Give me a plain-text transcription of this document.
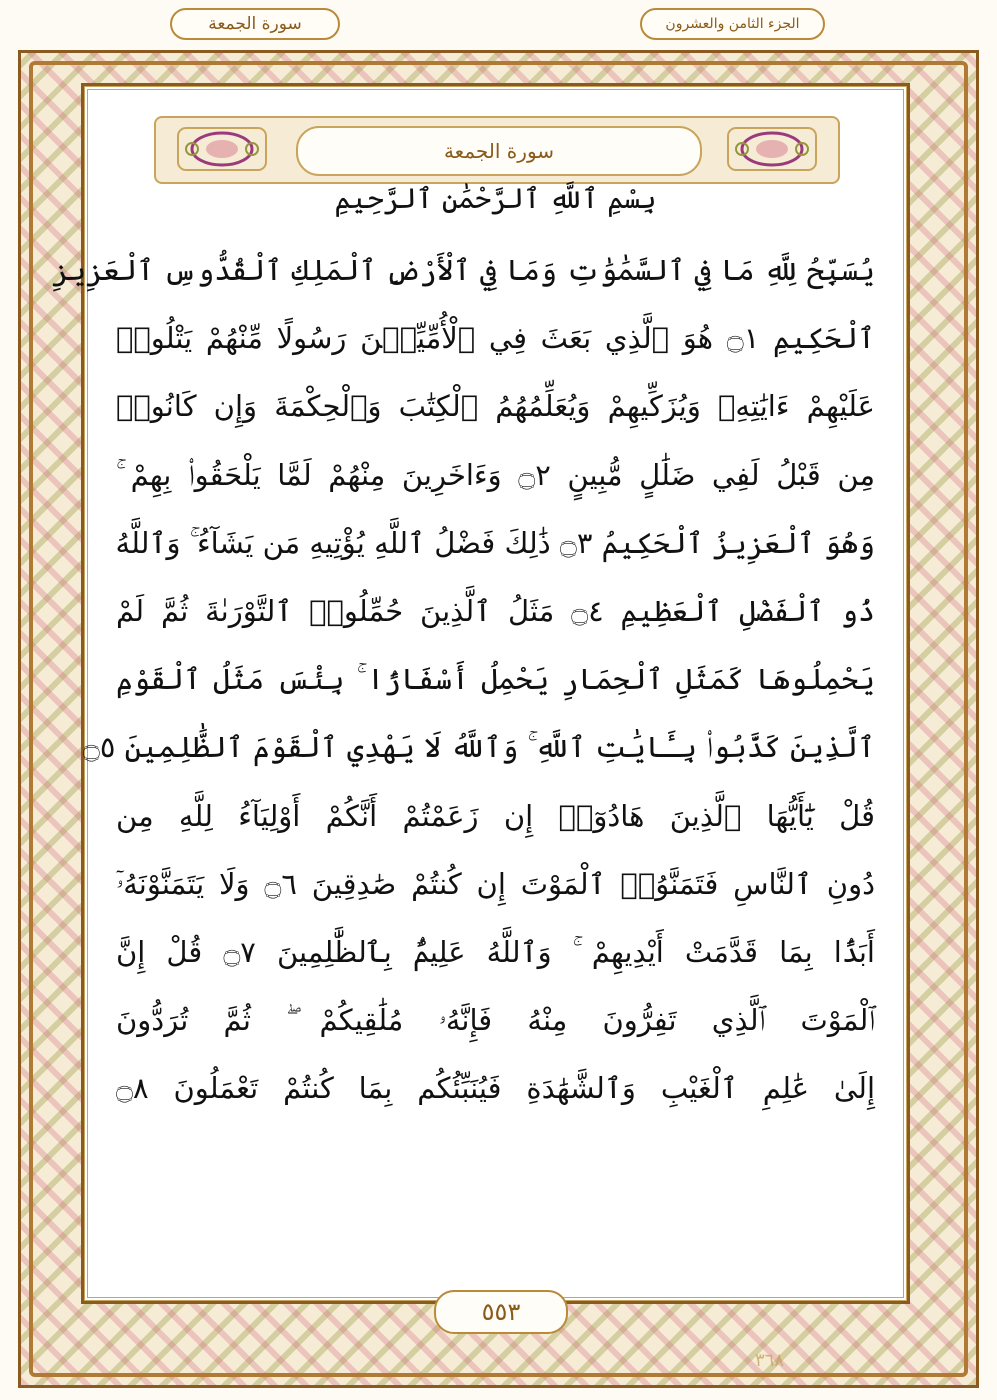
سورة الجمعة	الجزء الثامن والعشرون
سورة الجمعة
بِسْمِ ٱللَّهِ ٱلرَّحْمَٰنِ ٱلرَّحِيمِ
يُسَبِّحُ لِلَّهِ مَا فِي ٱلسَّمَٰوَٰتِ وَمَا فِي ٱلْأَرْضِ ٱلْمَلِكِ ٱلْقُدُّوسِ ٱلْعَزِيزِ
ٱلْحَكِيمِ ۝١ هُوَ ٱلَّذِي بَعَثَ فِي ٱلْأُمِّيِّـۧنَ رَسُولًا مِّنْهُمْ يَتْلُوا۟
عَلَيْهِمْ ءَايَٰتِهِۦ وَيُزَكِّيهِمْ وَيُعَلِّمُهُمُ ٱلْكِتَٰبَ وَٱلْحِكْمَةَ وَإِن كَانُوا۟
مِن قَبْلُ لَفِي ضَلَٰلٍ مُّبِينٍ ۝٢ وَءَاخَرِينَ مِنْهُمْ لَمَّا يَلْحَقُوا۟ بِهِمْ ۚ
وَهُوَ ٱلْعَزِيزُ ٱلْحَكِيمُ ۝٣ ذَٰلِكَ فَضْلُ ٱللَّهِ يُؤْتِيهِ مَن يَشَآءُ ۚ وَٱللَّهُ
ذُو ٱلْفَضْلِ ٱلْعَظِيمِ ۝٤ مَثَلُ ٱلَّذِينَ حُمِّلُوا۟ ٱلتَّوْرَىٰةَ ثُمَّ لَمْ
يَحْمِلُوهَا كَمَثَلِ ٱلْحِمَارِ يَحْمِلُ أَسْفَارًۢا ۚ بِئْسَ مَثَلُ ٱلْقَوْمِ
ٱلَّذِينَ كَذَّبُوا۟ بِـَٔايَٰتِ ٱللَّهِ ۚ وَٱللَّهُ لَا يَهْدِي ٱلْقَوْمَ ٱلظَّٰلِمِينَ ۝٥
قُلْ يَٰٓأَيُّهَا ٱلَّذِينَ هَادُوٓا۟ إِن زَعَمْتُمْ أَنَّكُمْ أَوْلِيَآءُ لِلَّهِ مِن
دُونِ ٱلنَّاسِ فَتَمَنَّوُا۟ ٱلْمَوْتَ إِن كُنتُمْ صَٰدِقِينَ ۝٦ وَلَا يَتَمَنَّوْنَهُۥٓ
أَبَدًۢا بِمَا قَدَّمَتْ أَيْدِيهِمْ ۚ وَٱللَّهُ عَلِيمٌۢ بِٱلظَّٰلِمِينَ ۝٧ قُلْ إِنَّ
ٱلْمَوْتَ ٱلَّذِي تَفِرُّونَ مِنْهُ فَإِنَّهُۥ مُلَٰقِيكُمْ ۖ ثُمَّ تُرَدُّونَ
إِلَىٰ عَٰلِمِ ٱلْغَيْبِ وَٱلشَّهَٰدَةِ فَيُنَبِّئُكُم بِمَا كُنتُمْ تَعْمَلُونَ ۝٨
٥٥٣
٣٦٨
